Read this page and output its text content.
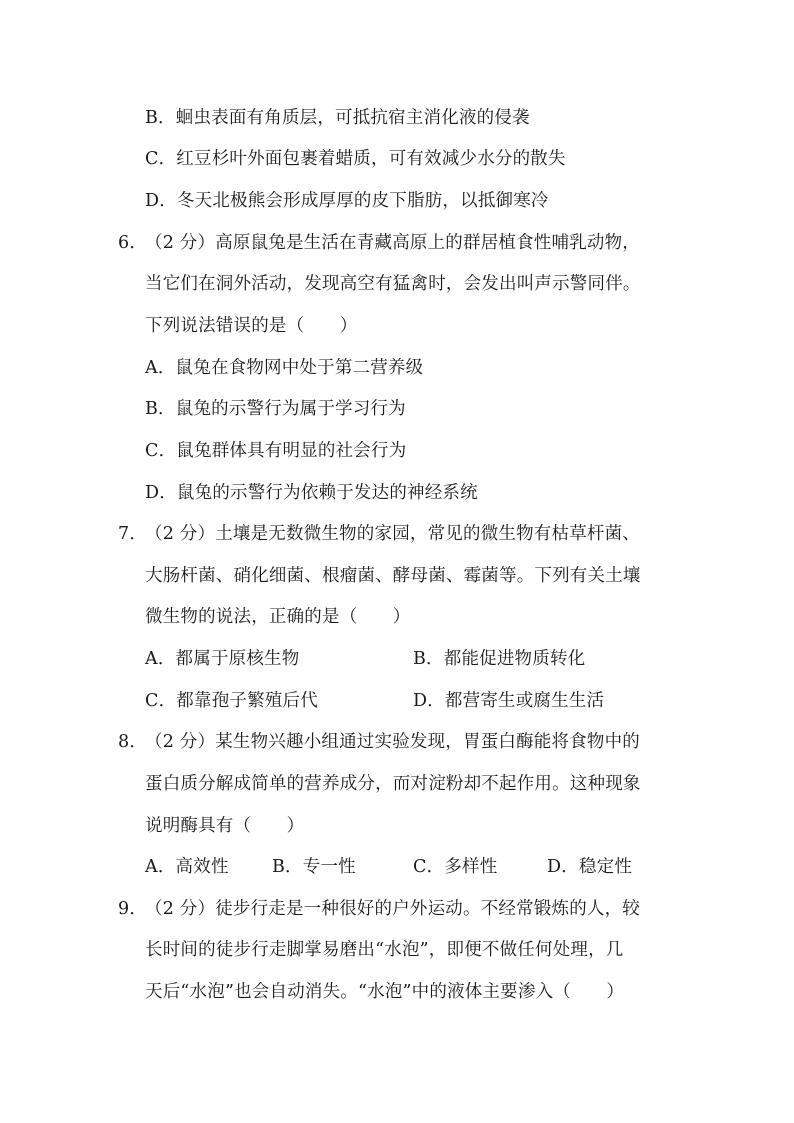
B．蛔虫表面有角质层，可抵抗宿主消化液的侵袭
C．红豆杉叶外面包裹着蜡质，可有效减少水分的散失
D．冬天北极熊会形成厚厚的皮下脂肪，以抵御寒冷
6．
（2 分）高原鼠兔是生活在青藏高原上的群居植食性哺乳动物，
当它们在洞外活动，发现高空有猛禽时，会发出叫声示警同伴。
下列说法错误的是（　　）
A．鼠兔在食物网中处于第二营养级
B．鼠兔的示警行为属于学习行为
C．鼠兔群体具有明显的社会行为
D．鼠兔的示警行为依赖于发达的神经系统
7．
（2 分）土壤是无数微生物的家园，常见的微生物有枯草杆菌、
大肠杆菌、硝化细菌、根瘤菌、酵母菌、霉菌等。下列有关土壤
微生物的说法，正确的是（　　）
A．都属于原核生物	B．都能促进物质转化
C．都靠孢子繁殖后代	D．都营寄生或腐生生活
8．
（2 分）某生物兴趣小组通过实验发现，胃蛋白酶能将食物中的
蛋白质分解成简单的营养成分，而对淀粉却不起作用。这种现象
说明酶具有（　　）
A．高效性 B．专一性	C．多样性	D．稳定性
9．
（2 分）徒步行走是一种很好的户外运动。不经常锻炼的人，较
长时间的徒步行走脚掌易磨出“水泡”，即便不做任何处理，几
天后“水泡”也会自动消失。“水泡”中的液体主要渗入（　　）
